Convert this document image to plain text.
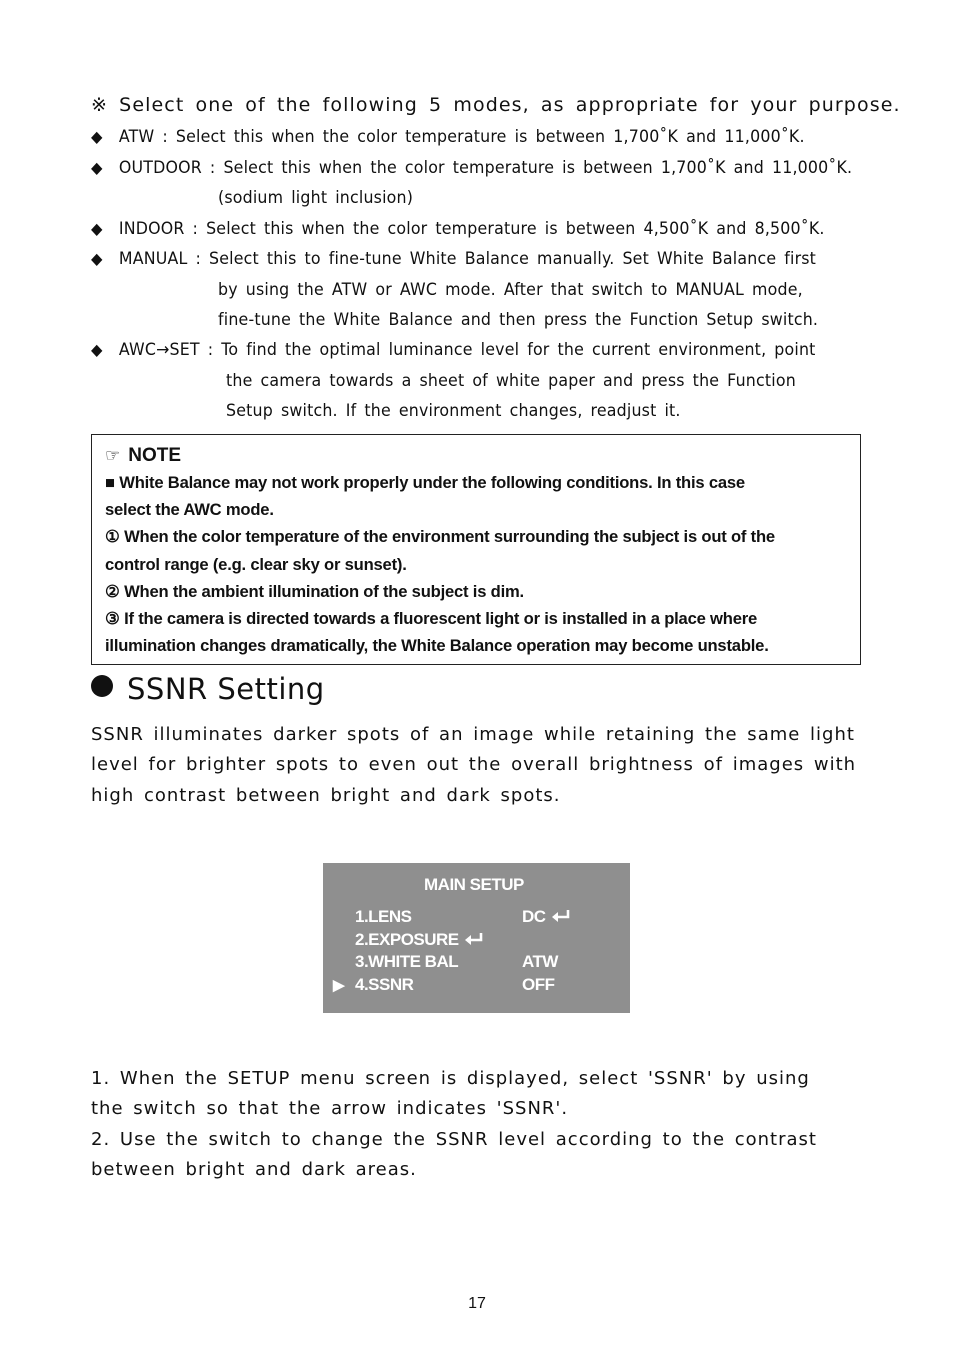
※ Select one of the following 5 modes, as appropriate for your purpose.
◆ ATW : Select this when the color temperature is between 1,700˚K and 11,000˚K.
◆ OUTDOOR : Select this when the color temperature is between 1,700˚K and 11,000˚K.
(sodium light inclusion)
◆ INDOOR : Select this when the color temperature is between 4,500˚K and 8,500˚K.
◆ MANUAL : Select this to fine-tune White Balance manually. Set White Balance first
by using the ATW or AWC mode. After that switch to MANUAL mode,
fine-tune the White Balance and then press the Function Setup switch.
◆ AWC→SET : To find the optimal luminance level for the current environment, point
the camera towards a sheet of white paper and press the Function
Setup switch. If the environment changes, readjust it.
☞ NOTE
■ White Balance may not work properly under the following conditions. In this case
select the AWC mode.
① When the color temperature of the environment surrounding the subject is out of the
control range (e.g. clear sky or sunset).
② When the ambient illumination of the subject is dim.
③ If the camera is directed towards a fluorescent light or is installed in a place where
illumination changes dramatically, the White Balance operation may become unstable.
SSNR Setting
SSNR illuminates darker spots of an image while retaining the same light
level for brighter spots to even out the overall brightness of images with
high contrast between bright and dark spots.
MAIN SETUP
1.LENS	DC
2.EXPOSURE
3.WHITE BAL	ATW
▶ 4.SSNR	OFF
1. When the SETUP menu screen is displayed, select 'SSNR' by using
the switch so that the arrow indicates 'SSNR'.
2. Use the switch to change the SSNR level according to the contrast
between bright and dark areas.
17
